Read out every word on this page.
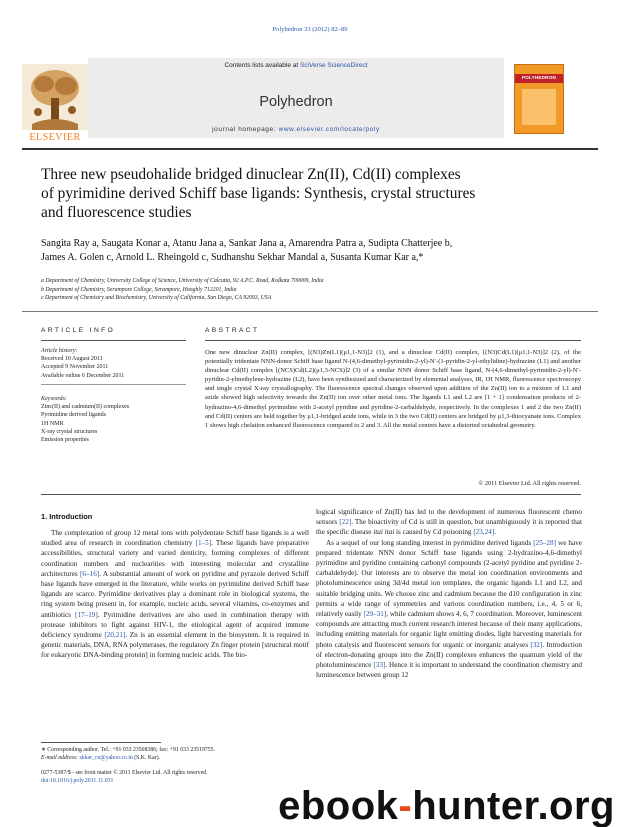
Polyhedron 33 (2012) 82–89
ELSEVIER
Contents lists available at SciVerse ScienceDirect
Polyhedron
journal homepage: www.elsevier.com/locate/poly
POLYHEDRON
Three new pseudohalide bridged dinuclear Zn(II), Cd(II) complexes
of pyrimidine derived Schiff base ligands: Synthesis, crystal structures
and fluorescence studies
Sangita Ray a, Saugata Konar a, Atanu Jana a, Sankar Jana a, Amarendra Patra a, Sudipta Chatterjee b,
James A. Golen c, Arnold L. Rheingold c, Sudhanshu Sekhar Mandal a, Susanta Kumar Kar a,*
a Department of Chemistry, University College of Science, University of Calcutta, 92 A.P.C. Road, Kolkata 700009, India
b Department of Chemistry, Serampore College, Serampore, Hooghly 712201, India
c Department of Chemistry and Biochemistry, University of California, San Diego, CA 92093, USA
ARTICLE INFO
Article history:
Received 10 August 2011
Accepted 9 November 2011
Available online 6 December 2011
Keywords:
Zinc(II) and cadmium(II) complexes
Pyrimidine derived ligands
1H NMR
X-ray crystal structures
Emission properties
ABSTRACT
One new dinuclear Zn(II) complex, [(N3)Zn(L1)(μ1,1-N3)]2 (1), and a dinuclear Cd(II) complex, [(N3)Cd(L1)(μ1,1-N3)]2 (2), of the potentially tridentate NNN-donor Schiff base ligand N-(4,6-dimethyl-pyrimidin-2-yl)-N′-(1-pyridin-2-yl-ethylidine)-hydrazine (L1) and another dinuclear Cd(II) complex [(NCS)Cd(L2)(μ1,3-NCS)]2 (3) of a similar NNN donor Schiff base ligand, N-(4,6-dimethyl-pyrimidin-2-yl)-N′-pyridin-2-ylmethylene-hydrazine (L2), have been synthesized and characterized by elemental analyses, IR, 1H NMR, fluorescence spectroscopy and single crystal X-ray crystallography. The fluorescence spectral changes observed upon addition of the Zn(II) ion to a mixture of L1 and azide showed high selectivity towards the Zn(II) ion over other metal ions. The ligands L1 and L2 are [1 + 1] condensation products of 2-hydrazino-4,6-dimethyl pyrimidine with 2-acetyl pyridine and pyridine-2-carbaldehyde, respectively. In the complexes 1 and 2 the two Zn(II) and Cd(II) centers are held together by μ1,1-bridged azide ions, while in 3 the two Cd(II) centers are bridged by μ1,3-thiocyanate ions. Complex 1 shows high chelation enhanced fluorescence compared to 2 and 3. All the metal centers have a distorted octahedral geometry.
© 2011 Elsevier Ltd. All rights reserved.
1. Introduction

The complexation of group 12 metal ions with polydentate Schiff base ligands is a well studied area of research in coordination chemistry [1–5]. These ligands have preparative accessibilities, structural variety and varied denticity, forming complexes of different coordination numbers and nuclearities with interesting molecular and crystalline architectures [6–16]. A substantial amount of work on pyridine and pyrazole derived Schiff base ligands have emerged in the literature, while works on pyrimidine derived Schiff base ligands are scarce. Pyrimidine derivatives play a dominant role in biological systems, the ring system being present in, for example, nucleic acids, several vitamins, co-enzymes and antibiotics [17–19]. Pyrimidine derivatives are also used in combination therapy with protease inhibitors to fight against HIV-1, the etiological agent of acquired immune deficiency syndrome [20,21]. Zn is an essential element in the biosystem. It is required in genetic materials, DNA, RNA polymerases, the regulatory Zn finger protein [structural motif for eukaryotic DNA-binding protein] in forming nucleic acids. The bio-

logical significance of Zn(II) has led to the development of numerous fluorescent chemo sensors [22]. The bioactivity of Cd is still in question, but unambiguously it is reported that the specific disease itai itai is caused by Cd poisoning [23,24].

As a sequel of our long standing interest in pyrimidine derived ligands [25–28] we have prepared tridentate NNN donor Schiff base ligands using 2-hydrazino-4,6-dimethyl pyrimidine and pyridine containing carbonyl compounds (2-acetyl pyridine and pyridine 2-carbaldehyde). Our interests are to observe the metal ion coordination environments and photoluminescence using 3d/4d metal ion templates, the organic ligands L1 and L2, and suitable bridging units. We choose zinc and cadmium because the d10 configuration in zinc permits a wide range of symmetries and various coordination numbers, i.e., 4, 5 or 6, relatively easily [29–31], while cadmium shows 4, 6, 7 coordination. Moreover, luminescent compounds are attracting much current research interest because of their many applications, including emitting materials for organic light emitting diodes, light harvesting materials for photo catalysis and fluorescent sensors for organic or inorganic analyses [32]. Introduction of electron-donating groups into the Zn(II) complexes enhances the quantum yield of the photoluminescence [33]. Hence it is important to understand the coordination chemistry and luminescence between group 12

∗ Corresponding author. Tel.: +91 033 23508386; fax: +91 033 23519755.
E-mail address: skkar_cu@yahoo.co.in (S.K. Kar).
0277-5387/$ - see front matter © 2011 Elsevier Ltd. All rights reserved.
doi:10.1016/j.poly.2011.11.031
ebook-hunter.org
